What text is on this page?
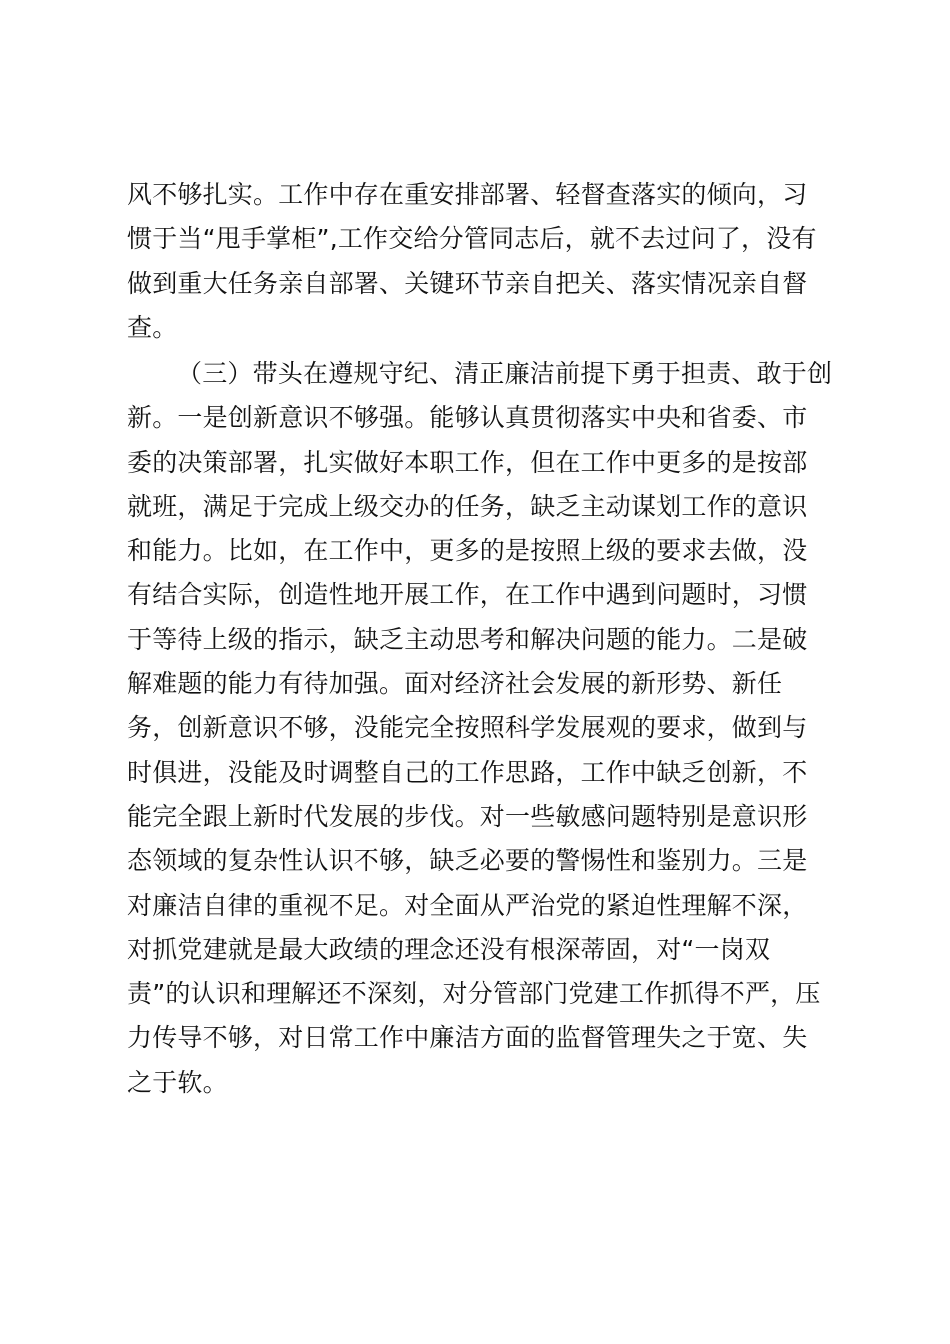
风不够扎实。工作中存在重安排部署、轻督查落实的倾向，习
惯于当“甩手掌柜”,工作交给分管同志后，就不去过问了，没有
做到重大任务亲自部署、关键环节亲自把关、落实情况亲自督
查。
（三）带头在遵规守纪、清正廉洁前提下勇于担责、敢于创
新。一是创新意识不够强。能够认真贯彻落实中央和省委、市
委的决策部署，扎实做好本职工作，但在工作中更多的是按部
就班，满足于完成上级交办的任务，缺乏主动谋划工作的意识
和能力。比如，在工作中，更多的是按照上级的要求去做，没
有结合实际，创造性地开展工作，在工作中遇到问题时，习惯
于等待上级的指示，缺乏主动思考和解决问题的能力。二是破
解难题的能力有待加强。面对经济社会发展的新形势、新任
务，创新意识不够，没能完全按照科学发展观的要求，做到与
时俱进，没能及时调整自己的工作思路，工作中缺乏创新，不
能完全跟上新时代发展的步伐。对一些敏感问题特别是意识形
态领域的复杂性认识不够，缺乏必要的警惕性和鉴别力。三是
对廉洁自律的重视不足。对全面从严治党的紧迫性理解不深，
对抓党建就是最大政绩的理念还没有根深蒂固，对“一岗双
责”的认识和理解还不深刻，对分管部门党建工作抓得不严，压
力传导不够，对日常工作中廉洁方面的监督管理失之于宽、失
之于软。
